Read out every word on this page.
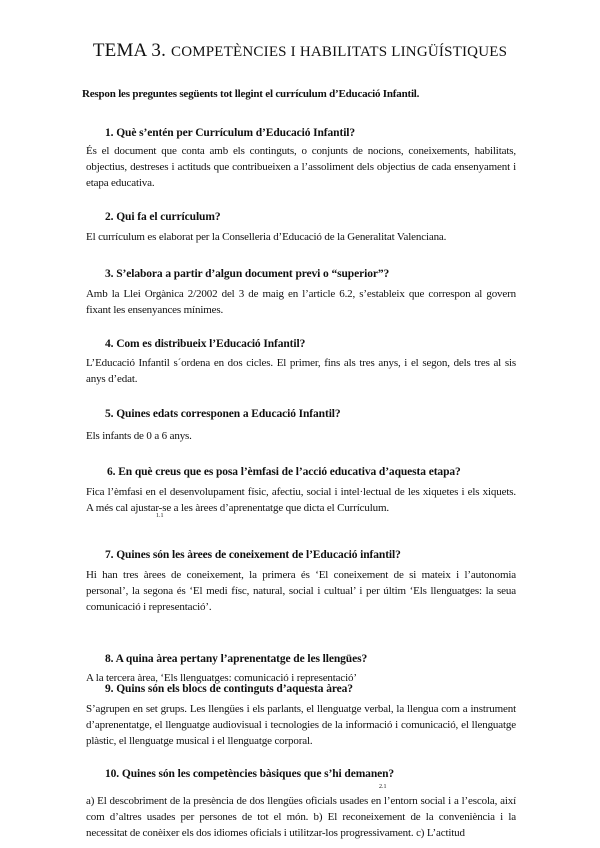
TEMA 3. COMPETÈNCIES I HABILITATS LINGÜÍSTIQUES
Respon les preguntes següents tot llegint el currículum d’Educació Infantil.
1. Què s’entén per Currículum d’Educació Infantil?
És el document que conta amb els continguts, o conjunts de nocions, coneixements, habilitats, objectius, destreses i actituds que contribueixen a l’assoliment dels objectius de cada ensenyament i etapa educativa.
2. Qui fa el currículum?
El currículum es elaborat per la Conselleria d’Educació de la Generalitat Valenciana.
3. S’elabora a partir d’algun document previ o “superior”?
Amb la Llei Orgànica 2/2002 del 3 de maig en l’article 6.2, s’estableix que correspon al govern fixant les ensenyances mínimes.
4. Com es distribueix l’Educació Infantil?
L’Educació Infantil s´ordena en dos cicles. El primer, fins als tres anys, i el segon, dels tres al sis anys d’edat.
5. Quines edats corresponen a Educació Infantil?
Els infants de 0 a 6 anys.
6. En què creus que es posa l’èmfasi de l’acció educativa d’aquesta etapa?
Fica l’èmfasi en el desenvolupament físic, afectiu, social i intel·lectual de les xiquetes i els xiquets. A més cal ajustar-se a les àrees d’aprenentatge que dicta el Currículum.
1.1
7. Quines són les àrees de coneixement de l’Educació infantil?
Hi han tres àrees de coneixement, la primera és ‘El coneixement de si mateix i l’autonomia personal’, la segona és ‘El medi físc, natural, social i cultual’ i per últim ‘Els llenguatges: la seua comunicació i representació’.
8. A quina àrea pertany l’aprenentatge de les llengües?
A la tercera àrea, ‘Els llenguatges: comunicació i representació’
9. Quins són els blocs de continguts d’aquesta àrea?
S’agrupen en set grups. Les llengües i els parlants, el llenguatge verbal, la llengua com a instrument d’aprenentatge, el llenguatge audiovisual i tecnologies de la informació i comunicació, el llenguatge plàstic, el llenguatge musical i el llenguatge corporal.
10. Quines són les competències bàsiques que s’hi demanen?
2.1
a) El descobriment de la presència de dos llengües oficials usades en l’entorn social i a l’escola, així com d’altres usades per persones de tot el món. b) El reconeixement de la conveniència i la necessitat de conèixer els dos idiomes oficials i utilitzar-los progressivament. c) L’actitud
